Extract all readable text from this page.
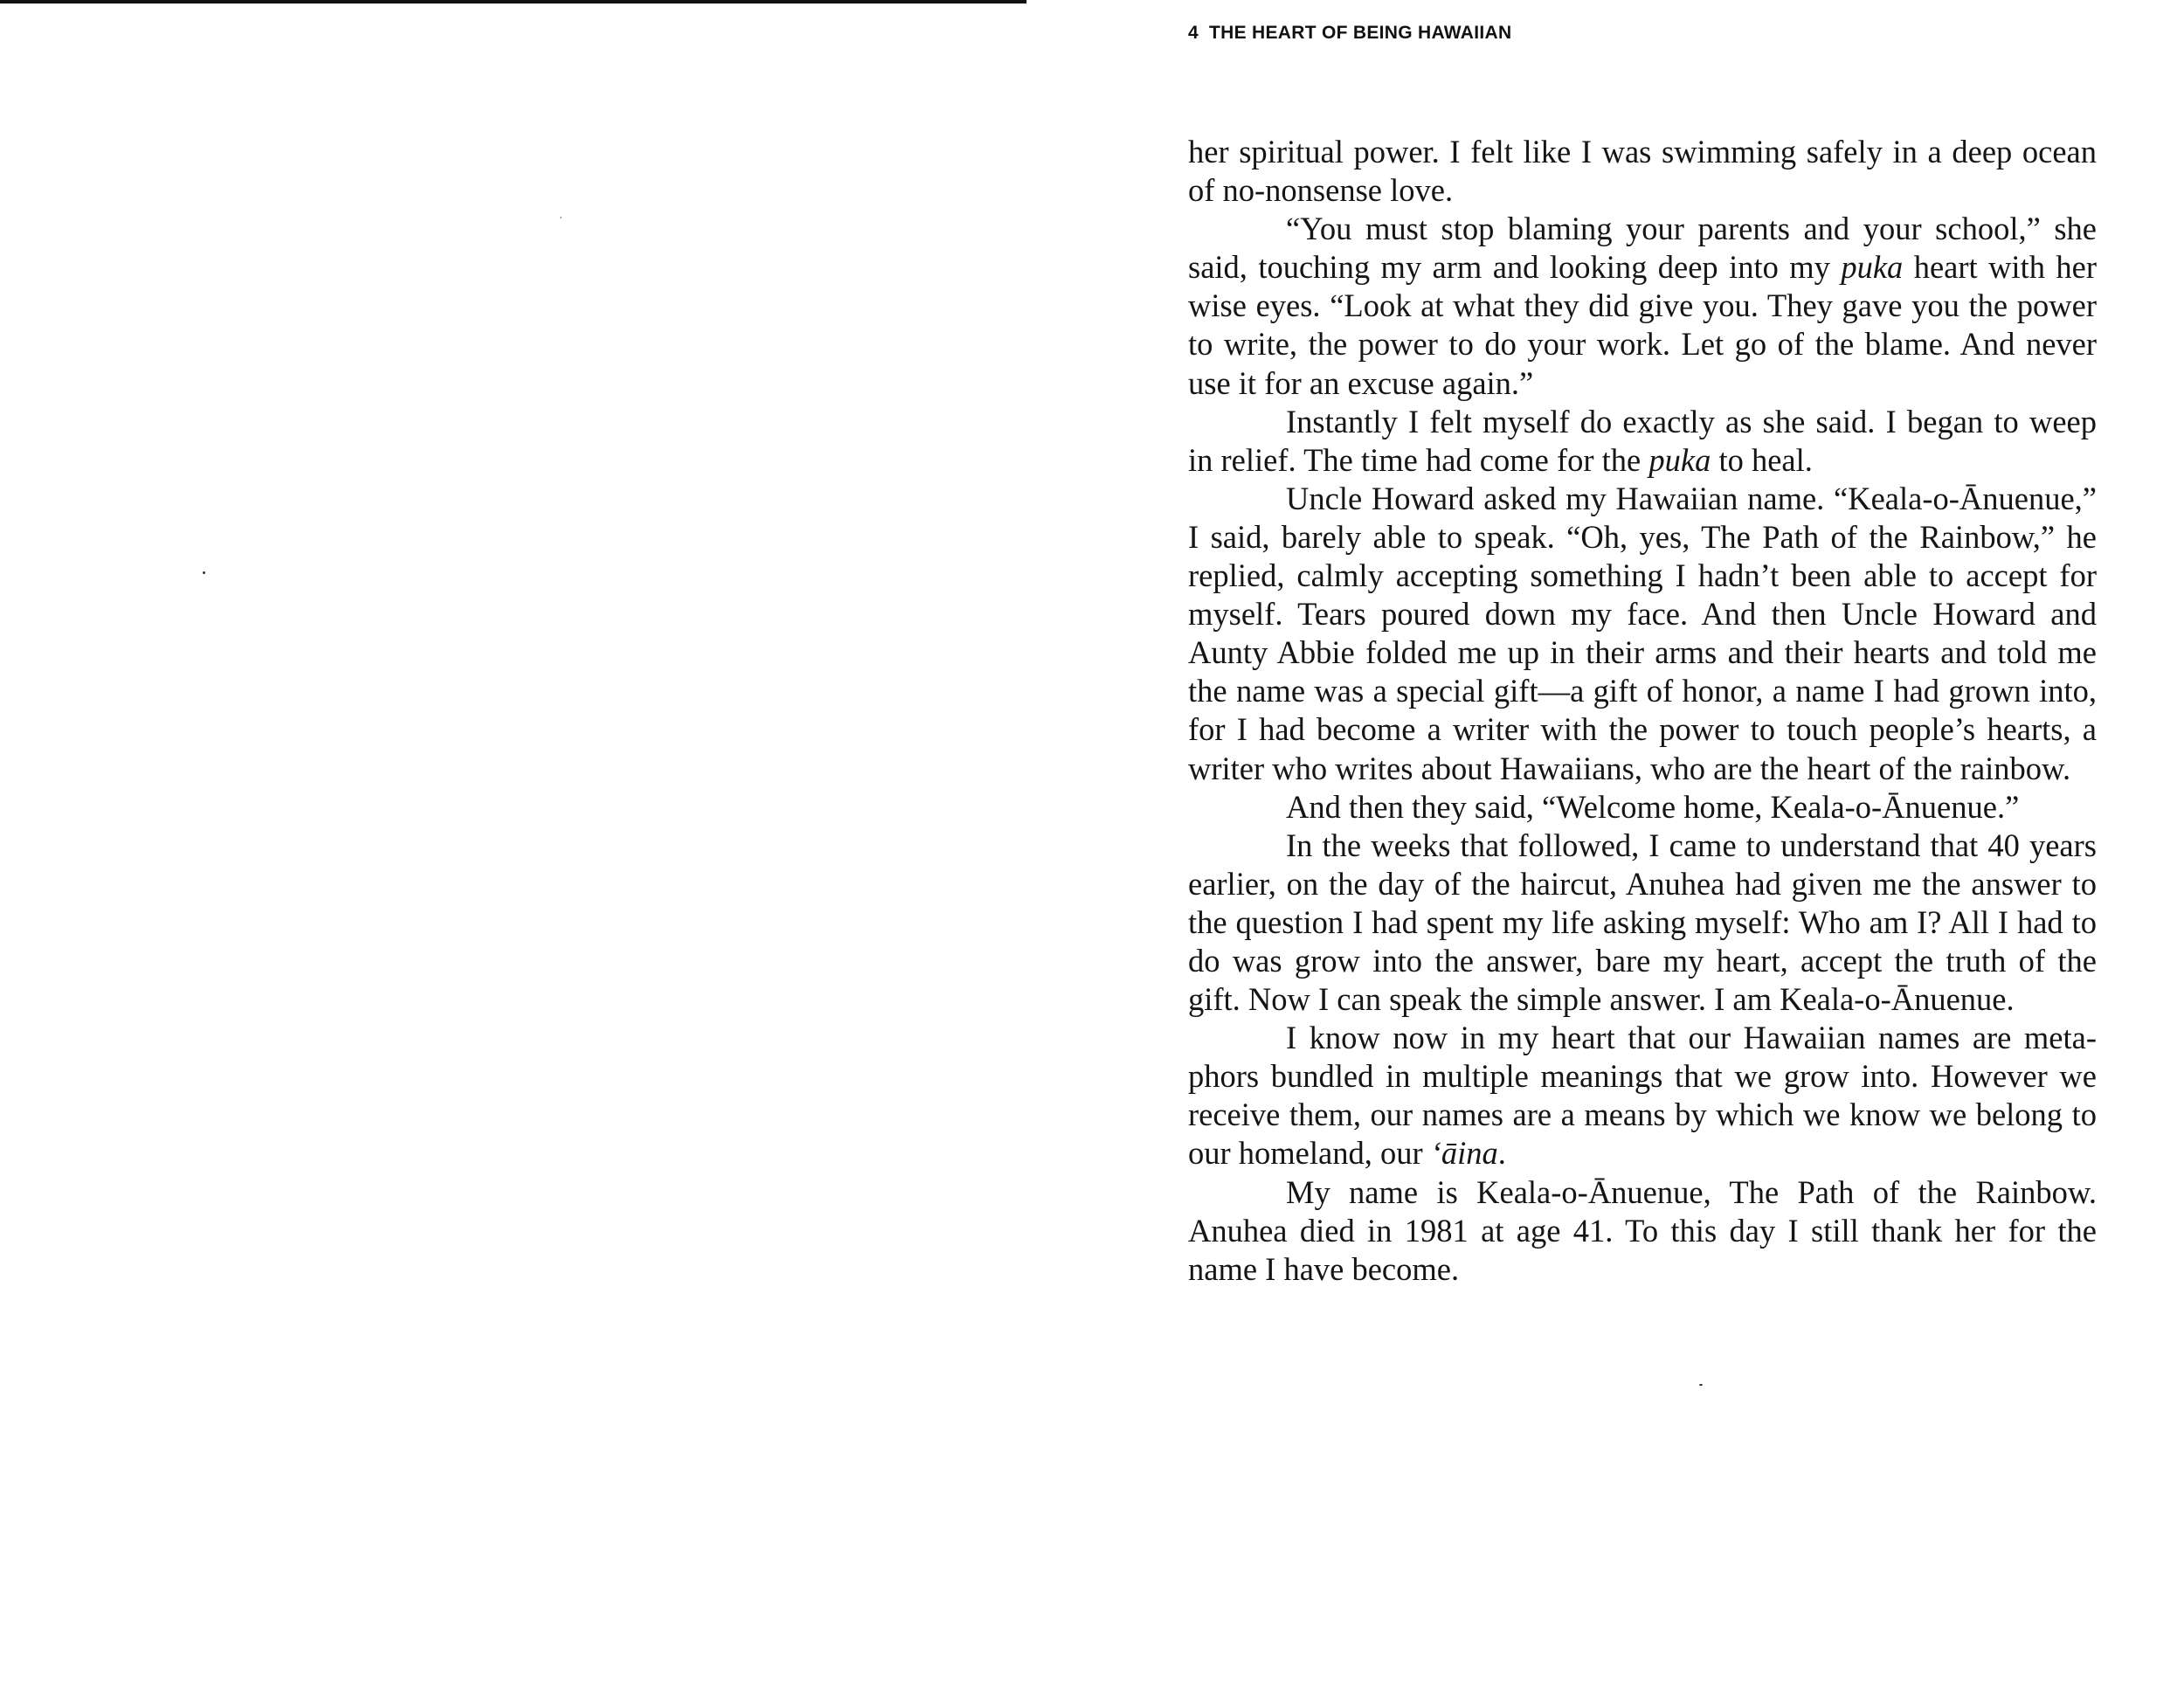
4 THE HEART OF BEING HAWAIIAN

her spiritual power. I felt like I was swimming safely in a deep ocean of no-nonsense love.

“You must stop blaming your parents and your school,” she said, touching my arm and looking deep into my puka heart with her wise eyes. “Look at what they did give you. They gave you the power to write, the power to do your work. Let go of the blame. And never use it for an excuse again.”

Instantly I felt myself do exactly as she said. I began to weep in relief. The time had come for the puka to heal.

Uncle Howard asked my Hawaiian name. “Keala-o-Ānuenue,” I said, barely able to speak. “Oh, yes, The Path of the Rainbow,” he replied, calmly accepting something I hadn’t been able to accept for myself. Tears poured down my face. And then Uncle Howard and Aunty Abbie folded me up in their arms and their hearts and told me the name was a special gift—a gift of honor, a name I had grown into, for I had become a writer with the power to touch people’s hearts, a writer who writes about Hawaiians, who are the heart of the rainbow.

And then they said, “Welcome home, Keala-o-Ānuenue.”

In the weeks that followed, I came to understand that 40 years earlier, on the day of the haircut, Anuhea had given me the answer to the question I had spent my life asking myself: Who am I? All I had to do was grow into the answer, bare my heart, accept the truth of the gift. Now I can speak the simple answer. I am Keala-o-Ānuenue.

I know now in my heart that our Hawaiian names are meta-phors bundled in multiple meanings that we grow into. However we receive them, our names are a means by which we know we belong to our homeland, our ‘āina.

My name is Keala-o-Ānuenue, The Path of the Rainbow. Anuhea died in 1981 at age 41. To this day I still thank her for the name I have become.
